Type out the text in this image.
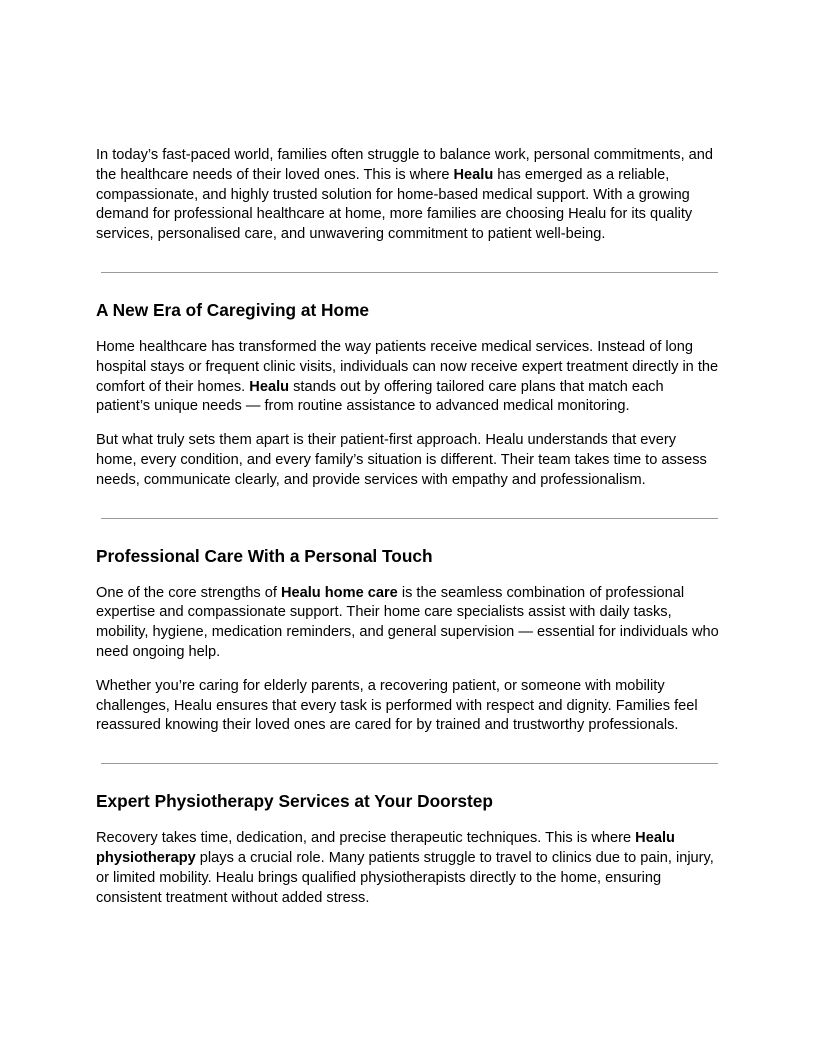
In today’s fast-paced world, families often struggle to balance work, personal commitments, and the healthcare needs of their loved ones. This is where Healu has emerged as a reliable, compassionate, and highly trusted solution for home-based medical support. With a growing demand for professional healthcare at home, more families are choosing Healu for its quality services, personalised care, and unwavering commitment to patient well-being.

A New Era of Caregiving at Home

Home healthcare has transformed the way patients receive medical services. Instead of long hospital stays or frequent clinic visits, individuals can now receive expert treatment directly in the comfort of their homes. Healu stands out by offering tailored care plans that match each patient’s unique needs — from routine assistance to advanced medical monitoring.

But what truly sets them apart is their patient-first approach. Healu understands that every home, every condition, and every family’s situation is different. Their team takes time to assess needs, communicate clearly, and provide services with empathy and professionalism.

Professional Care With a Personal Touch

One of the core strengths of Healu home care is the seamless combination of professional expertise and compassionate support. Their home care specialists assist with daily tasks, mobility, hygiene, medication reminders, and general supervision — essential for individuals who need ongoing help.

Whether you’re caring for elderly parents, a recovering patient, or someone with mobility challenges, Healu ensures that every task is performed with respect and dignity. Families feel reassured knowing their loved ones are cared for by trained and trustworthy professionals.

Expert Physiotherapy Services at Your Doorstep

Recovery takes time, dedication, and precise therapeutic techniques. This is where Healu physiotherapy plays a crucial role. Many patients struggle to travel to clinics due to pain, injury, or limited mobility. Healu brings qualified physiotherapists directly to the home, ensuring consistent treatment without added stress.
